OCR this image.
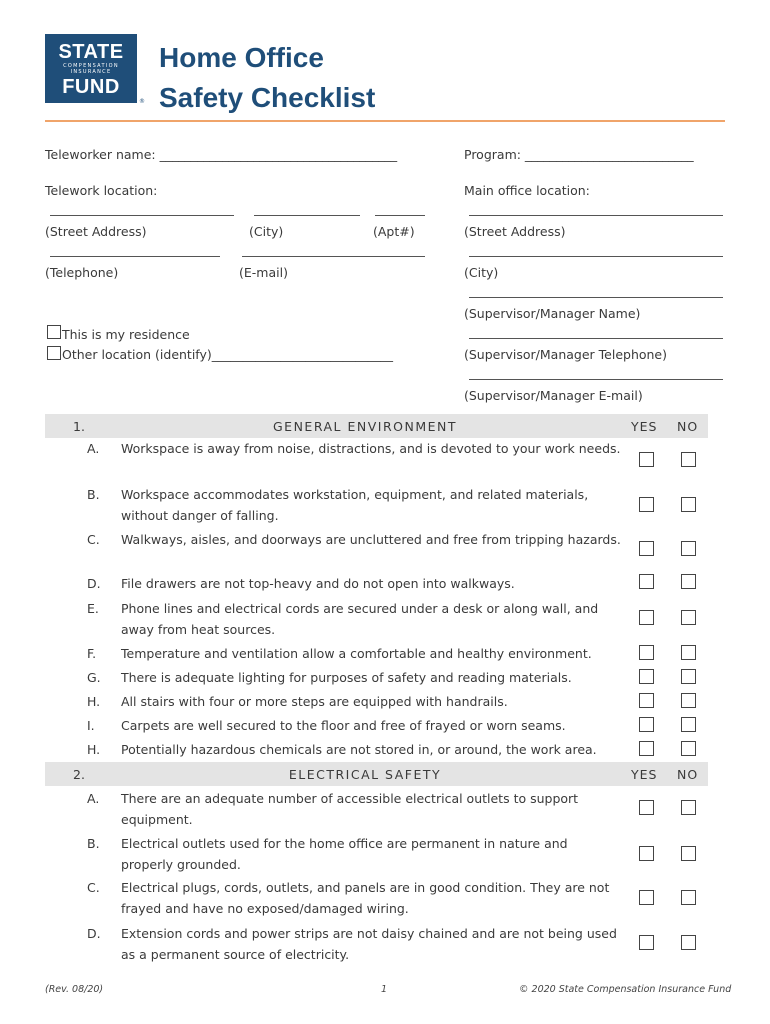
STATE
COMPENSATION INSURANCE
FUND
®
Home Office
Safety Checklist
Teleworker name: ______________________________________
Telework location:
(Street Address)	(City)	(Apt#)
(Telephone)	(E-mail)
This is my residence
Other location (identify)_____________________________
Program: ___________________________
Main office location:
(Street Address)
(City)
(Supervisor/Manager Name)
(Supervisor/Manager Telephone)
(Supervisor/Manager E-mail)
1.	GENERAL ENVIRONMENT	YES NO
A. Workspace is away from noise, distractions, and is devoted to your work needs.
B. Workspace accommodates workstation, equipment, and related materials, without danger of falling.
C. Walkways, aisles, and doorways are uncluttered and free from tripping hazards.
D. File drawers are not top-heavy and do not open into walkways.
E. Phone lines and electrical cords are secured under a desk or along wall, and away from heat sources.
F. Temperature and ventilation allow a comfortable and healthy environment.
G. There is adequate lighting for purposes of safety and reading materials.
H. All stairs with four or more steps are equipped with handrails.
I. Carpets are well secured to the floor and free of frayed or worn seams.
H. Potentially hazardous chemicals are not stored in, or around, the work area.
2.	ELECTRICAL SAFETY	YES NO
A. There are an adequate number of accessible electrical outlets to support equipment.
B. Electrical outlets used for the home office are permanent in nature and properly grounded.
C. Electrical plugs, cords, outlets, and panels are in good condition. They are not frayed and have no exposed/damaged wiring.
D. Extension cords and power strips are not daisy chained and are not being used as a permanent source of electricity.
(Rev. 08/20)	1	© 2020 State Compensation Insurance Fund
